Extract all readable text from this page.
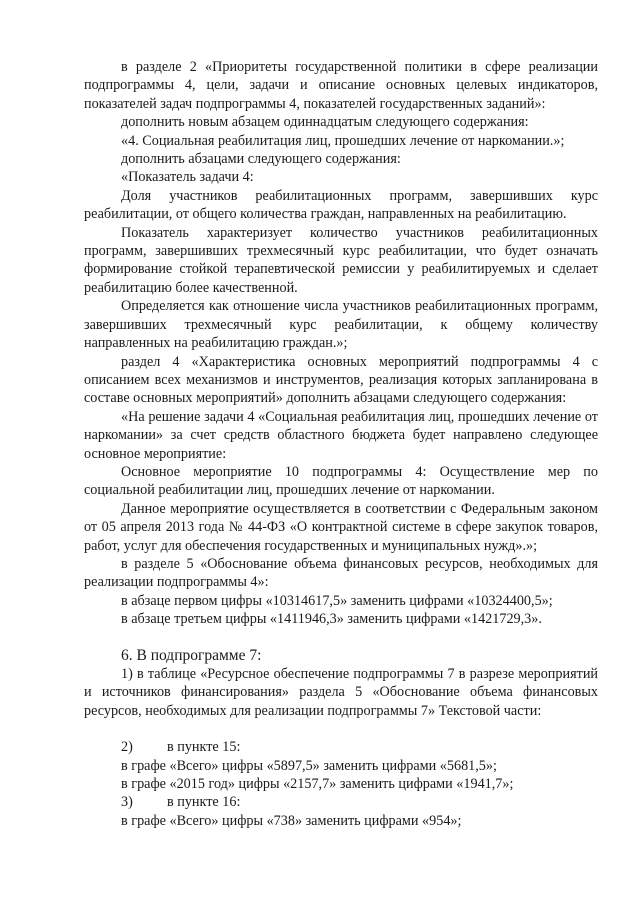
в разделе 2 «Приоритеты государственной политики в сфере реализации подпрограммы 4, цели, задачи и описание основных целевых индикаторов, показателей задач подпрограммы 4, показателей государственных заданий»:

дополнить новым абзацем одиннадцатым следующего содержания:

«4. Социальная реабилитация лиц, прошедших лечение от наркомании.»;

дополнить абзацами следующего содержания:

«Показатель задачи 4:

Доля участников реабилитационных программ, завершивших курс реабилитации, от общего количества граждан, направленных на реабилитацию.

Показатель характеризует количество участников реабилитационных программ, завершивших трехмесячный курс реабилитации, что будет означать формирование стойкой терапевтической ремиссии у реабилитируемых и сделает реабилитацию более качественной.

Определяется как отношение числа участников реабилитационных программ, завершивших трехмесячный курс реабилитации, к общему количеству направленных на реабилитацию граждан.»;

раздел 4 «Характеристика основных мероприятий подпрограммы 4 с описанием всех механизмов и инструментов, реализация которых запланирована в составе основных мероприятий» дополнить абзацами следующего содержания:

«На решение задачи 4 «Социальная реабилитация лиц, прошедших лечение от наркомании» за счет средств областного бюджета будет направлено следующее основное мероприятие:

Основное мероприятие 10 подпрограммы 4: Осуществление мер по социальной реабилитации лиц, прошедших лечение от наркомании.

Данное мероприятие осуществляется в соответствии с Федеральным законом от 05 апреля 2013 года № 44-ФЗ «О контрактной системе в сфере закупок товаров, работ, услуг для обеспечения государственных и муниципальных нужд».»;

в разделе 5 «Обоснование объема финансовых ресурсов, необходимых для реализации подпрограммы 4»:

в абзаце первом цифры «10314617,5» заменить цифрами «10324400,5»;

в абзаце третьем цифры «1411946,3» заменить цифрами «1421729,3».

6. В подпрограмме 7:

1) в таблице «Ресурсное обеспечение подпрограммы 7 в разрезе мероприятий и источников финансирования» раздела 5 «Обоснование объема финансовых ресурсов, необходимых для реализации подпрограммы 7» Текстовой части:

2)	в пункте 15:

в графе «Всего» цифры «5897,5» заменить цифрами «5681,5»;

в графе «2015 год» цифры «2157,7» заменить цифрами «1941,7»;

3)	в пункте 16:

в графе «Всего» цифры «738» заменить цифрами «954»;
